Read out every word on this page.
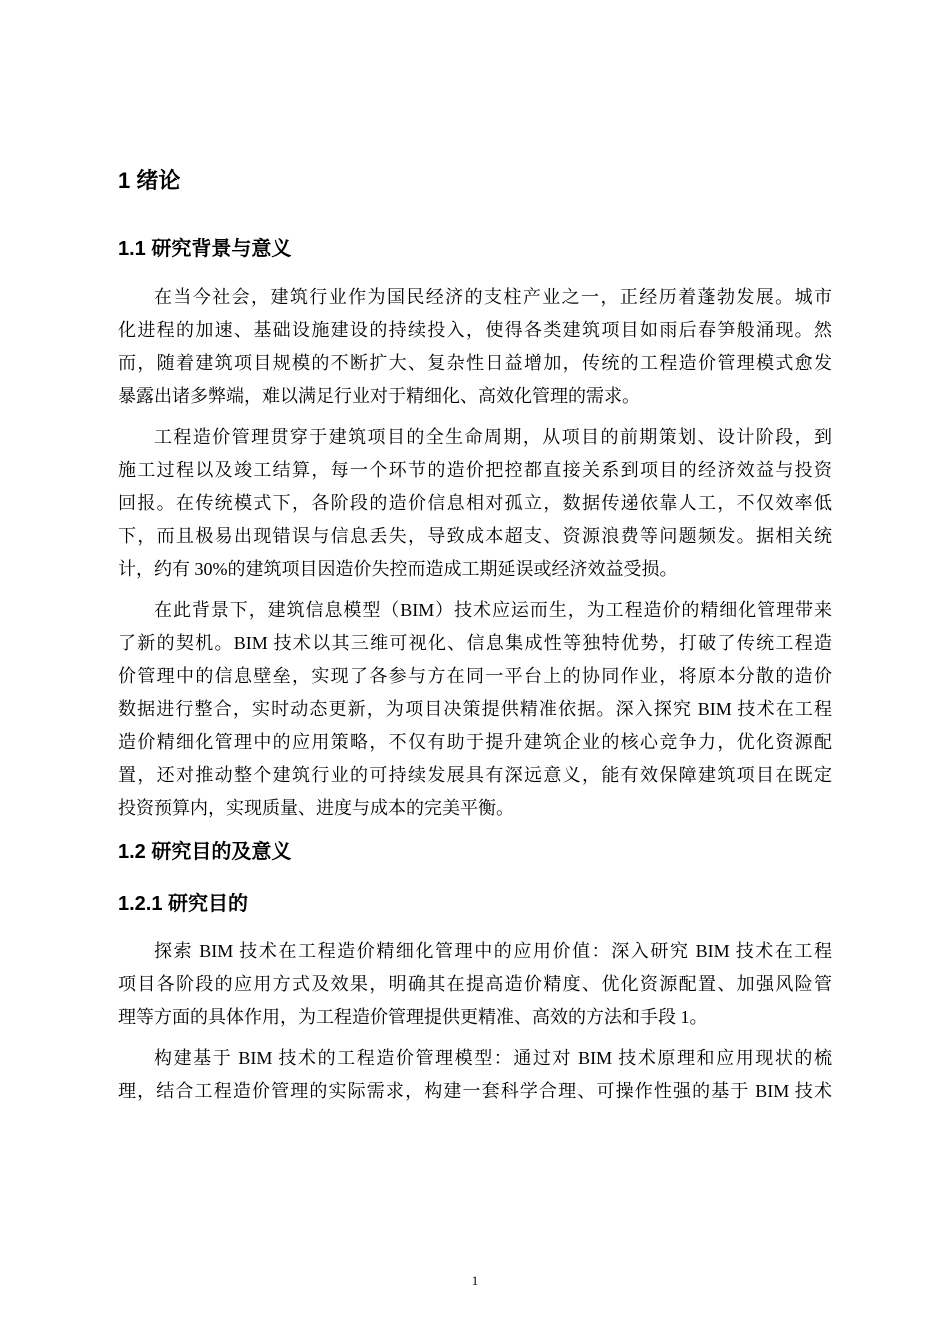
1 绪论
1.1 研究背景与意义
在当今社会，建筑行业作为国民经济的支柱产业之一，正经历着蓬勃发展。城市
化进程的加速、基础设施建设的持续投入，使得各类建筑项目如雨后春笋般涌现。然
而，随着建筑项目规模的不断扩大、复杂性日益增加，传统的工程造价管理模式愈发
暴露出诸多弊端，难以满足行业对于精细化、高效化管理的需求。
工程造价管理贯穿于建筑项目的全生命周期，从项目的前期策划、设计阶段，到
施工过程以及竣工结算，每一个环节的造价把控都直接关系到项目的经济效益与投资
回报。在传统模式下，各阶段的造价信息相对孤立，数据传递依靠人工，不仅效率低
下，而且极易出现错误与信息丢失，导致成本超支、资源浪费等问题频发。据相关统
计，约有 30%的建筑项目因造价失控而造成工期延误或经济效益受损。
在此背景下，建筑信息模型（BIM）技术应运而生，为工程造价的精细化管理带来
了新的契机。BIM 技术以其三维可视化、信息集成性等独特优势，打破了传统工程造
价管理中的信息壁垒，实现了各参与方在同一平台上的协同作业，将原本分散的造价
数据进行整合，实时动态更新，为项目决策提供精准依据。深入探究 BIM 技术在工程
造价精细化管理中的应用策略，不仅有助于提升建筑企业的核心竞争力，优化资源配
置，还对推动整个建筑行业的可持续发展具有深远意义，能有效保障建筑项目在既定
投资预算内，实现质量、进度与成本的完美平衡。
1.2 研究目的及意义
1.2.1 研究目的
探索 BIM 技术在工程造价精细化管理中的应用价值：深入研究 BIM 技术在工程
项目各阶段的应用方式及效果，明确其在提高造价精度、优化资源配置、加强风险管
理等方面的具体作用，为工程造价管理提供更精准、高效的方法和手段 1。
构建基于 BIM 技术的工程造价管理模型：通过对 BIM 技术原理和应用现状的梳
理，结合工程造价管理的实际需求，构建一套科学合理、可操作性强的基于 BIM 技术
1
